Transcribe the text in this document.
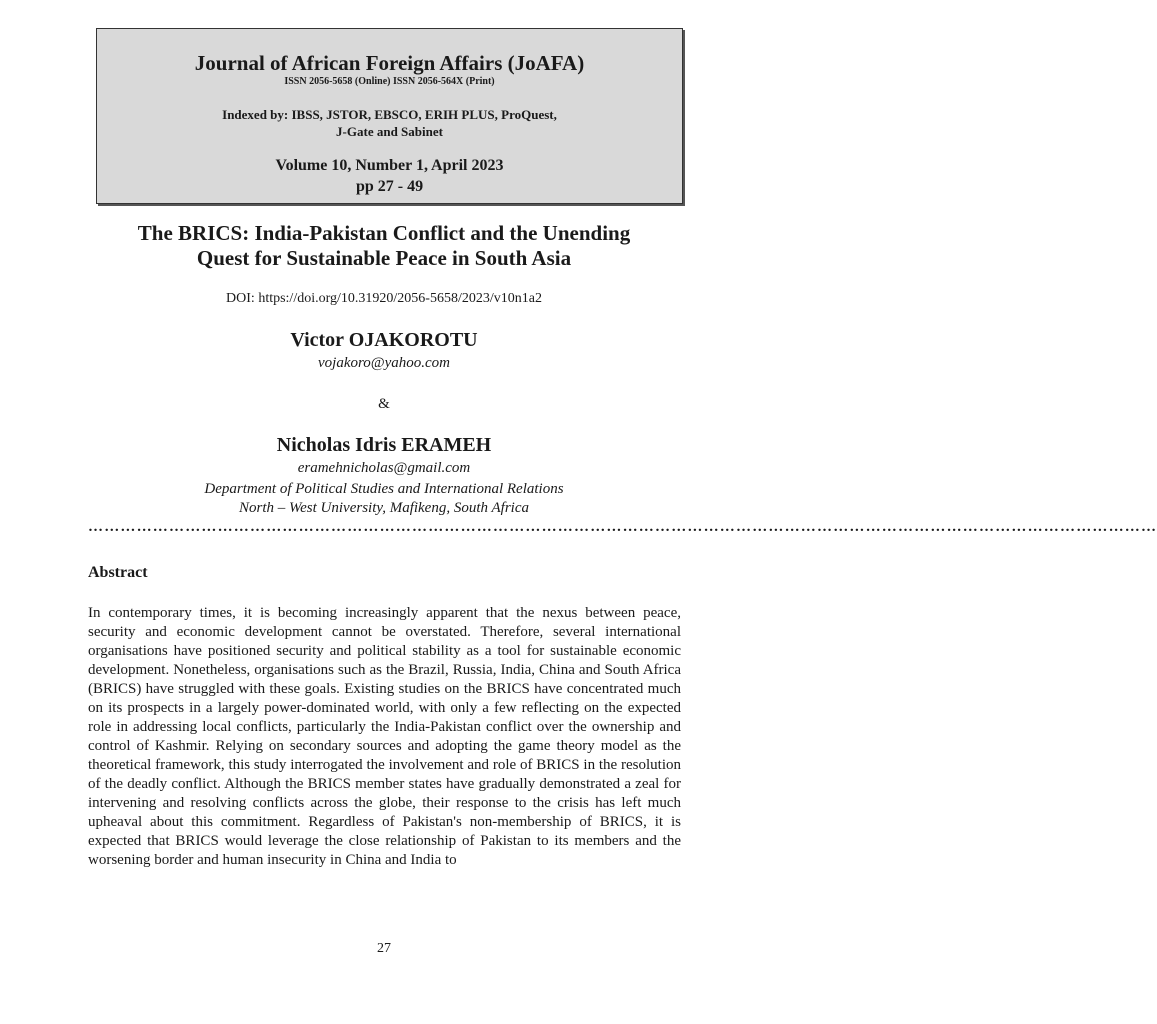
Journal of African Foreign Affairs (JoAFA)
ISSN 2056-5658 (Online) ISSN 2056-564X (Print)
Indexed by: IBSS, JSTOR, EBSCO, ERIH PLUS, ProQuest,
J-Gate and Sabinet
Volume 10, Number 1, April 2023
pp 27 - 49
The BRICS: India-Pakistan Conflict and the Unending
Quest for Sustainable Peace in South Asia
DOI: https://doi.org/10.31920/2056-5658/2023/v10n1a2
Victor OJAKOROTU
vojakoro@yahoo.com
&
Nicholas Idris ERAMEH
eramehnicholas@gmail.com
Department of Political Studies and International Relations
North – West University, Mafikeng, South Africa
………………………………………………………………………………………………………………………………………………………………………………
Abstract
In contemporary times, it is becoming increasingly apparent that the nexus between peace, security and economic development cannot be overstated. Therefore, several international organisations have positioned security and political stability as a tool for sustainable economic development. Nonetheless, organisations such as the Brazil, Russia, India, China and South Africa (BRICS) have struggled with these goals. Existing studies on the BRICS have concentrated much on its prospects in a largely power-dominated world, with only a few reflecting on the expected role in addressing local conflicts, particularly the India-Pakistan conflict over the ownership and control of Kashmir. Relying on secondary sources and adopting the game theory model as the theoretical framework, this study interrogated the involvement and role of BRICS in the resolution of the deadly conflict. Although the BRICS member states have gradually demonstrated a zeal for intervening and resolving conflicts across the globe, their response to the crisis has left much upheaval about this commitment. Regardless of Pakistan's non-membership of BRICS, it is expected that BRICS would leverage the close relationship of Pakistan to its members and the worsening border and human insecurity in China and India to
27
